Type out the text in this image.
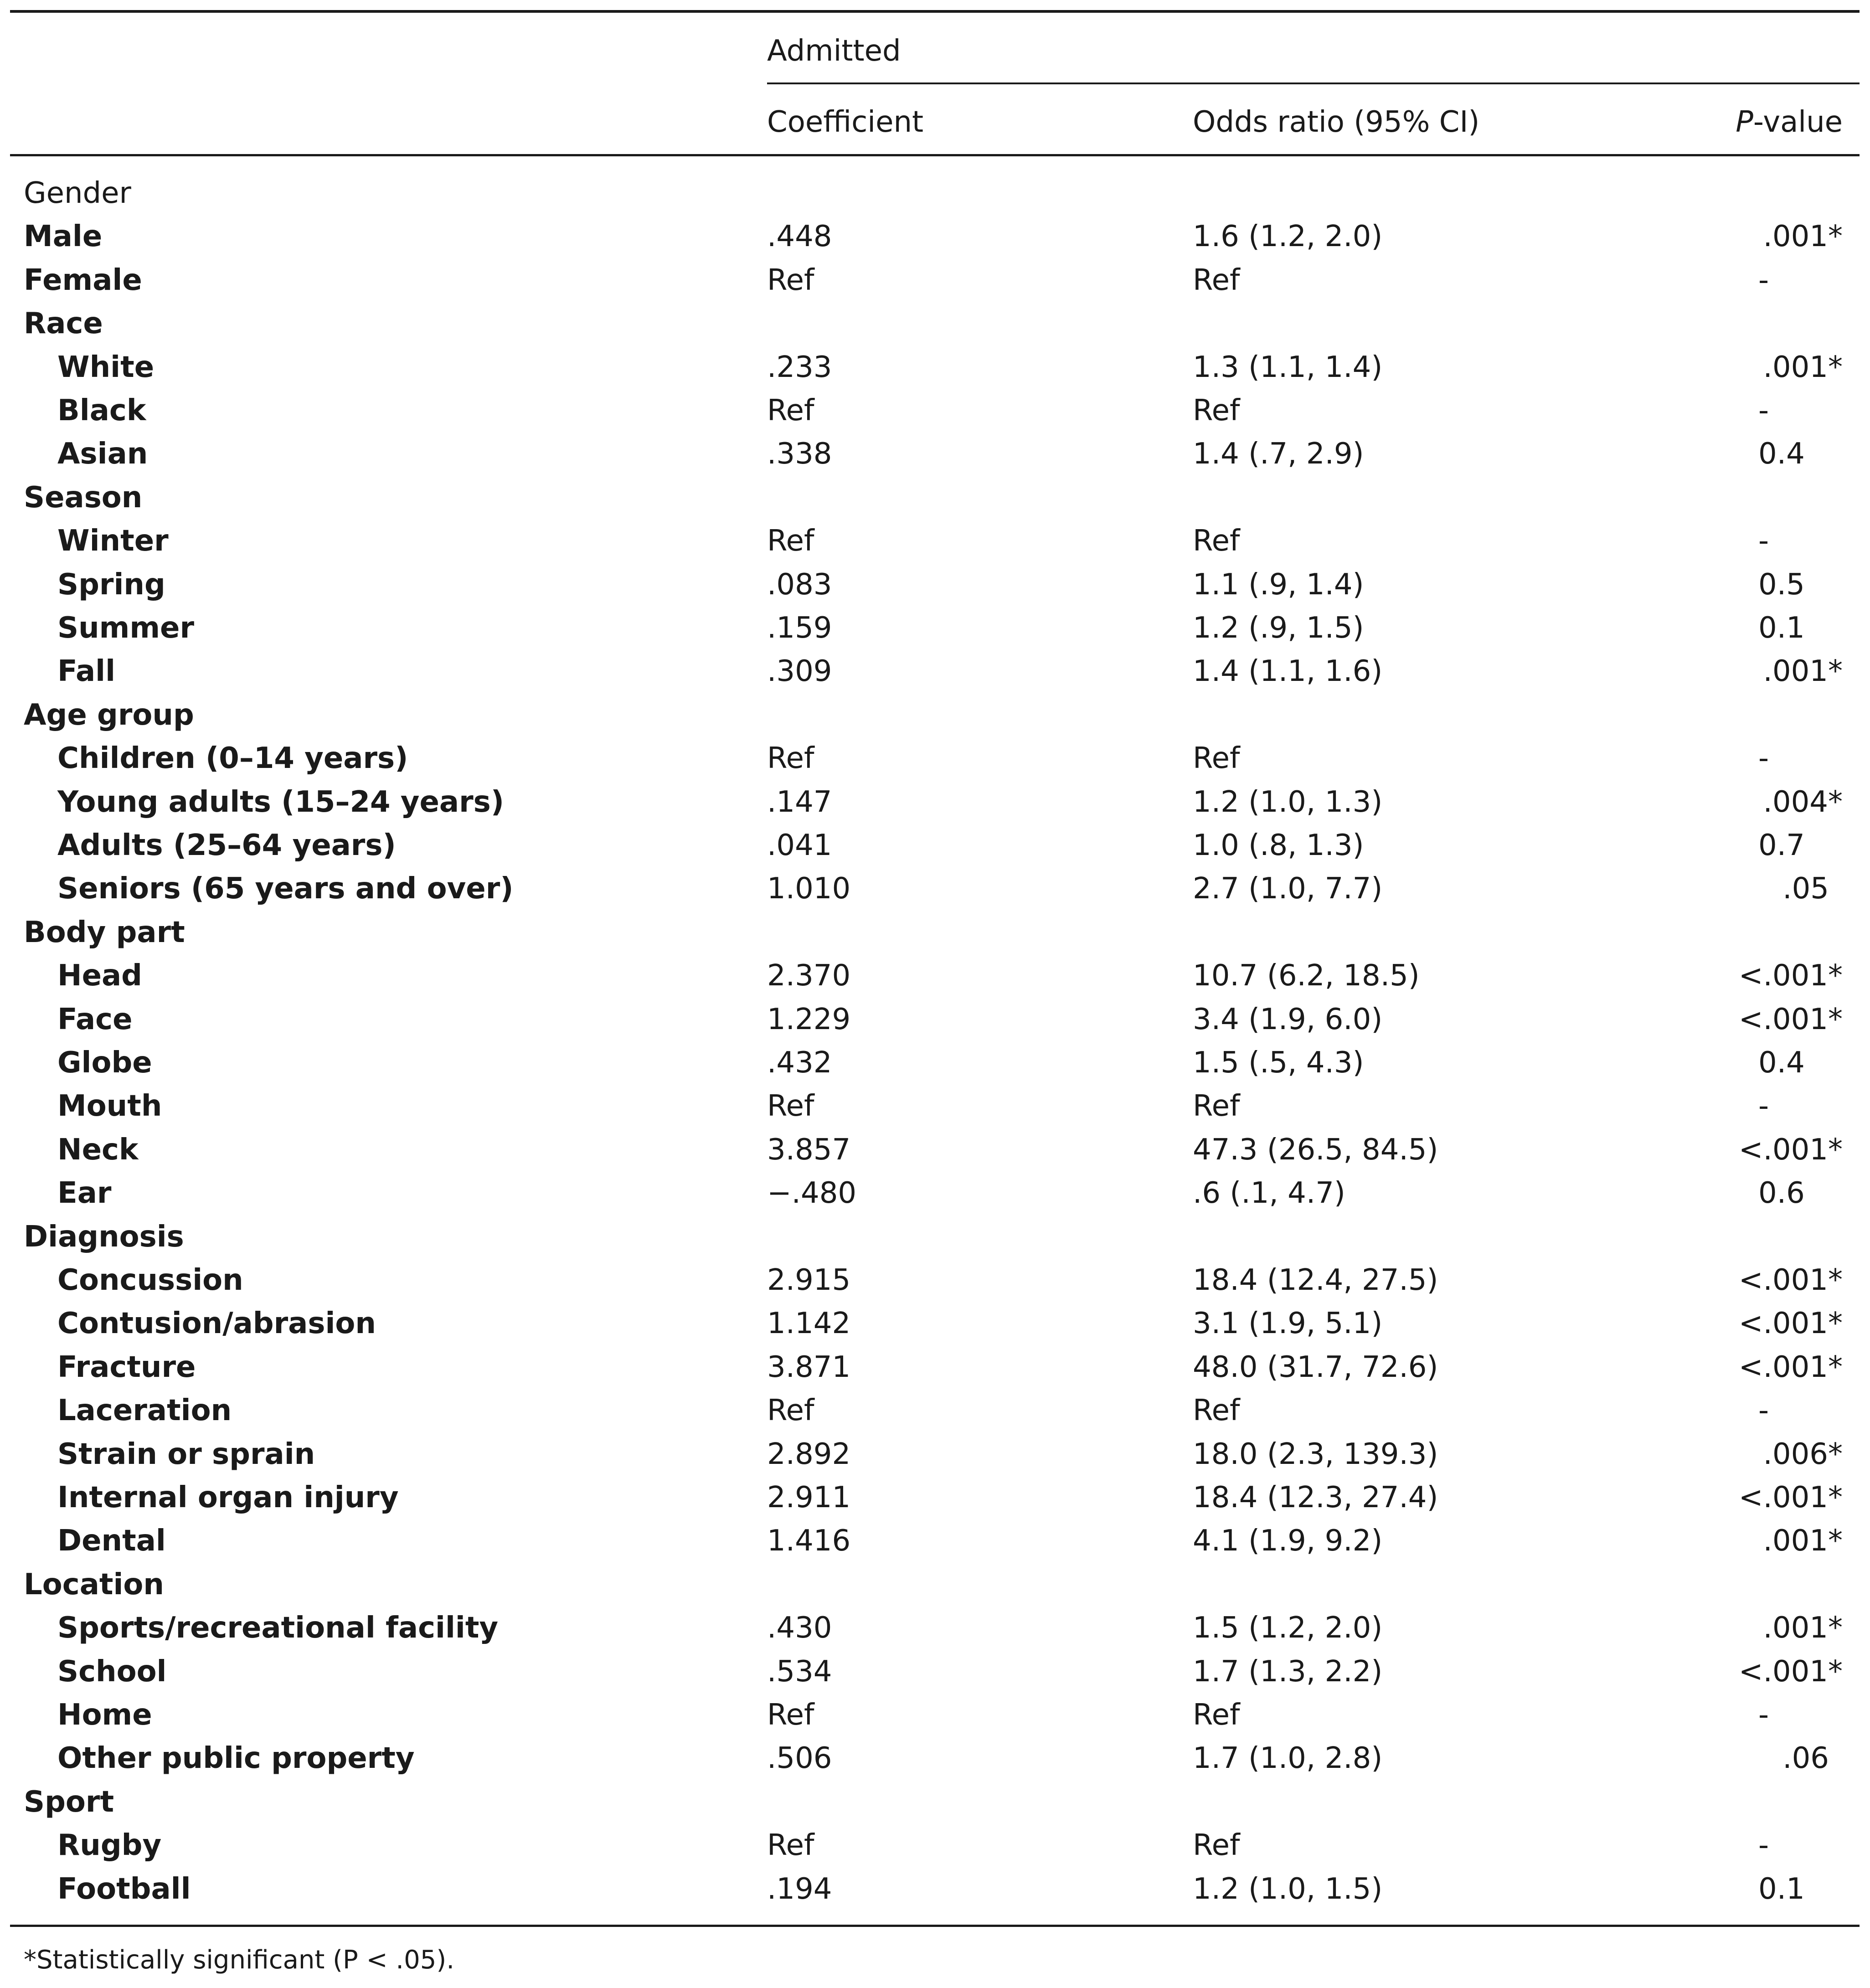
Admitted
Coefficient	Odds ratio (95% CI)	P-value
Gender
Male	.448	1.6 (1.2, 2.0)	.001*
Female	Ref	Ref	-
Race
White	.233	1.3 (1.1, 1.4)	.001*
Black	Ref	Ref	-
Asian	.338	1.4 (.7, 2.9)	0.4
Season
Winter	Ref	Ref	-
Spring	.083	1.1 (.9, 1.4)	0.5
Summer	.159	1.2 (.9, 1.5)	0.1
Fall	.309	1.4 (1.1, 1.6)	.001*
Age group
Children (0–14 years)	Ref	Ref	-
Young adults (15–24 years)	.147	1.2 (1.0, 1.3)	.004*
Adults (25–64 years)	.041	1.0 (.8, 1.3)	0.7
Seniors (65 years and over)	1.010	2.7 (1.0, 7.7)	.05
Body part
Head	2.370	10.7 (6.2, 18.5)	<.001*
Face	1.229	3.4 (1.9, 6.0)	<.001*
Globe	.432	1.5 (.5, 4.3)	0.4
Mouth	Ref	Ref	-
Neck	3.857	47.3 (26.5, 84.5)	<.001*
Ear	−.480	.6 (.1, 4.7)	0.6
Diagnosis
Concussion	2.915	18.4 (12.4, 27.5)	<.001*
Contusion/abrasion	1.142	3.1 (1.9, 5.1)	<.001*
Fracture	3.871	48.0 (31.7, 72.6)	<.001*
Laceration	Ref	Ref	-
Strain or sprain	2.892	18.0 (2.3, 139.3)	.006*
Internal organ injury	2.911	18.4 (12.3, 27.4)	<.001*
Dental	1.416	4.1 (1.9, 9.2)	.001*
Location
Sports/recreational facility	.430	1.5 (1.2, 2.0)	.001*
School	.534	1.7 (1.3, 2.2)	<.001*
Home	Ref	Ref	-
Other public property	.506	1.7 (1.0, 2.8)	.06
Sport
Rugby	Ref	Ref	-
Football	.194	1.2 (1.0, 1.5)	0.1
*Statistically significant (P < .05).
